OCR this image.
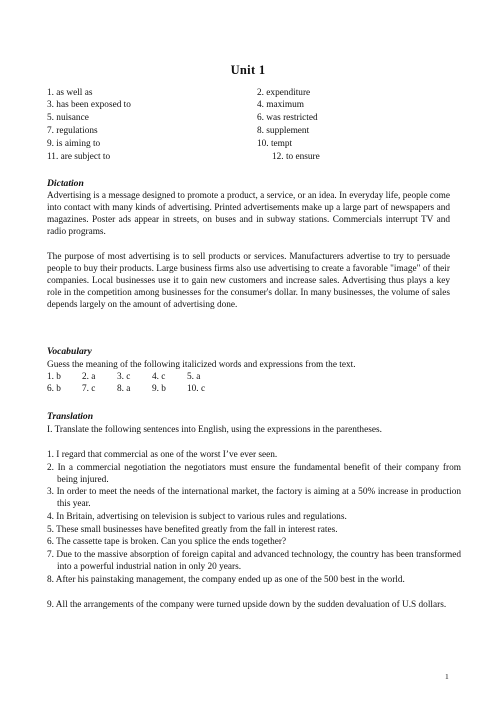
Unit 1
1. as well as	2. expenditure
3. has been exposed to	4. maximum
5. nuisance	6. was restricted
7. regulations	8. supplement
9. is aiming to	10. tempt
11. are subject to	12. to ensure
Dictation
Advertising is a message designed to promote a product, a service, or an idea. In everyday life, people come into contact with many kinds of advertising. Printed advertisements make up a large part of newspapers and magazines. Poster ads appear in streets, on buses and in subway stations. Commercials interrupt TV and radio programs.
The purpose of most advertising is to sell products or services. Manufacturers advertise to try to persuade people to buy their products. Large business firms also use advertising to create a favorable "image" of their companies. Local businesses use it to gain new customers and increase sales. Advertising thus plays a key role in the competition among businesses for the consumer's dollar. In many businesses, the volume of sales depends largely on the amount of advertising done.
Vocabulary
Guess the meaning of the following italicized words and expressions from the text.
1. b 2. a 3. c 4. c 5. a
6. b 7. c 8. a 9. b 10. c
Translation
I. Translate the following sentences into English, using the expressions in the parentheses.
1. I regard that commercial as one of the worst I’ve ever seen.
2. In a commercial negotiation the negotiators must ensure the fundamental benefit of their company from being injured.
3. In order to meet the needs of the international market, the factory is aiming at a 50% increase in production this year.
4. In Britain, advertising on television is subject to various rules and regulations.
5. These small businesses have benefited greatly from the fall in interest rates.
6. The cassette tape is broken. Can you splice the ends together?
7. Due to the massive absorption of foreign capital and advanced technology, the country has been transformed into a powerful industrial nation in only 20 years.
8. After his painstaking management, the company ended up as one of the 500 best in the world.
9. All the arrangements of the company were turned upside down by the sudden devaluation of U.S dollars.
1
